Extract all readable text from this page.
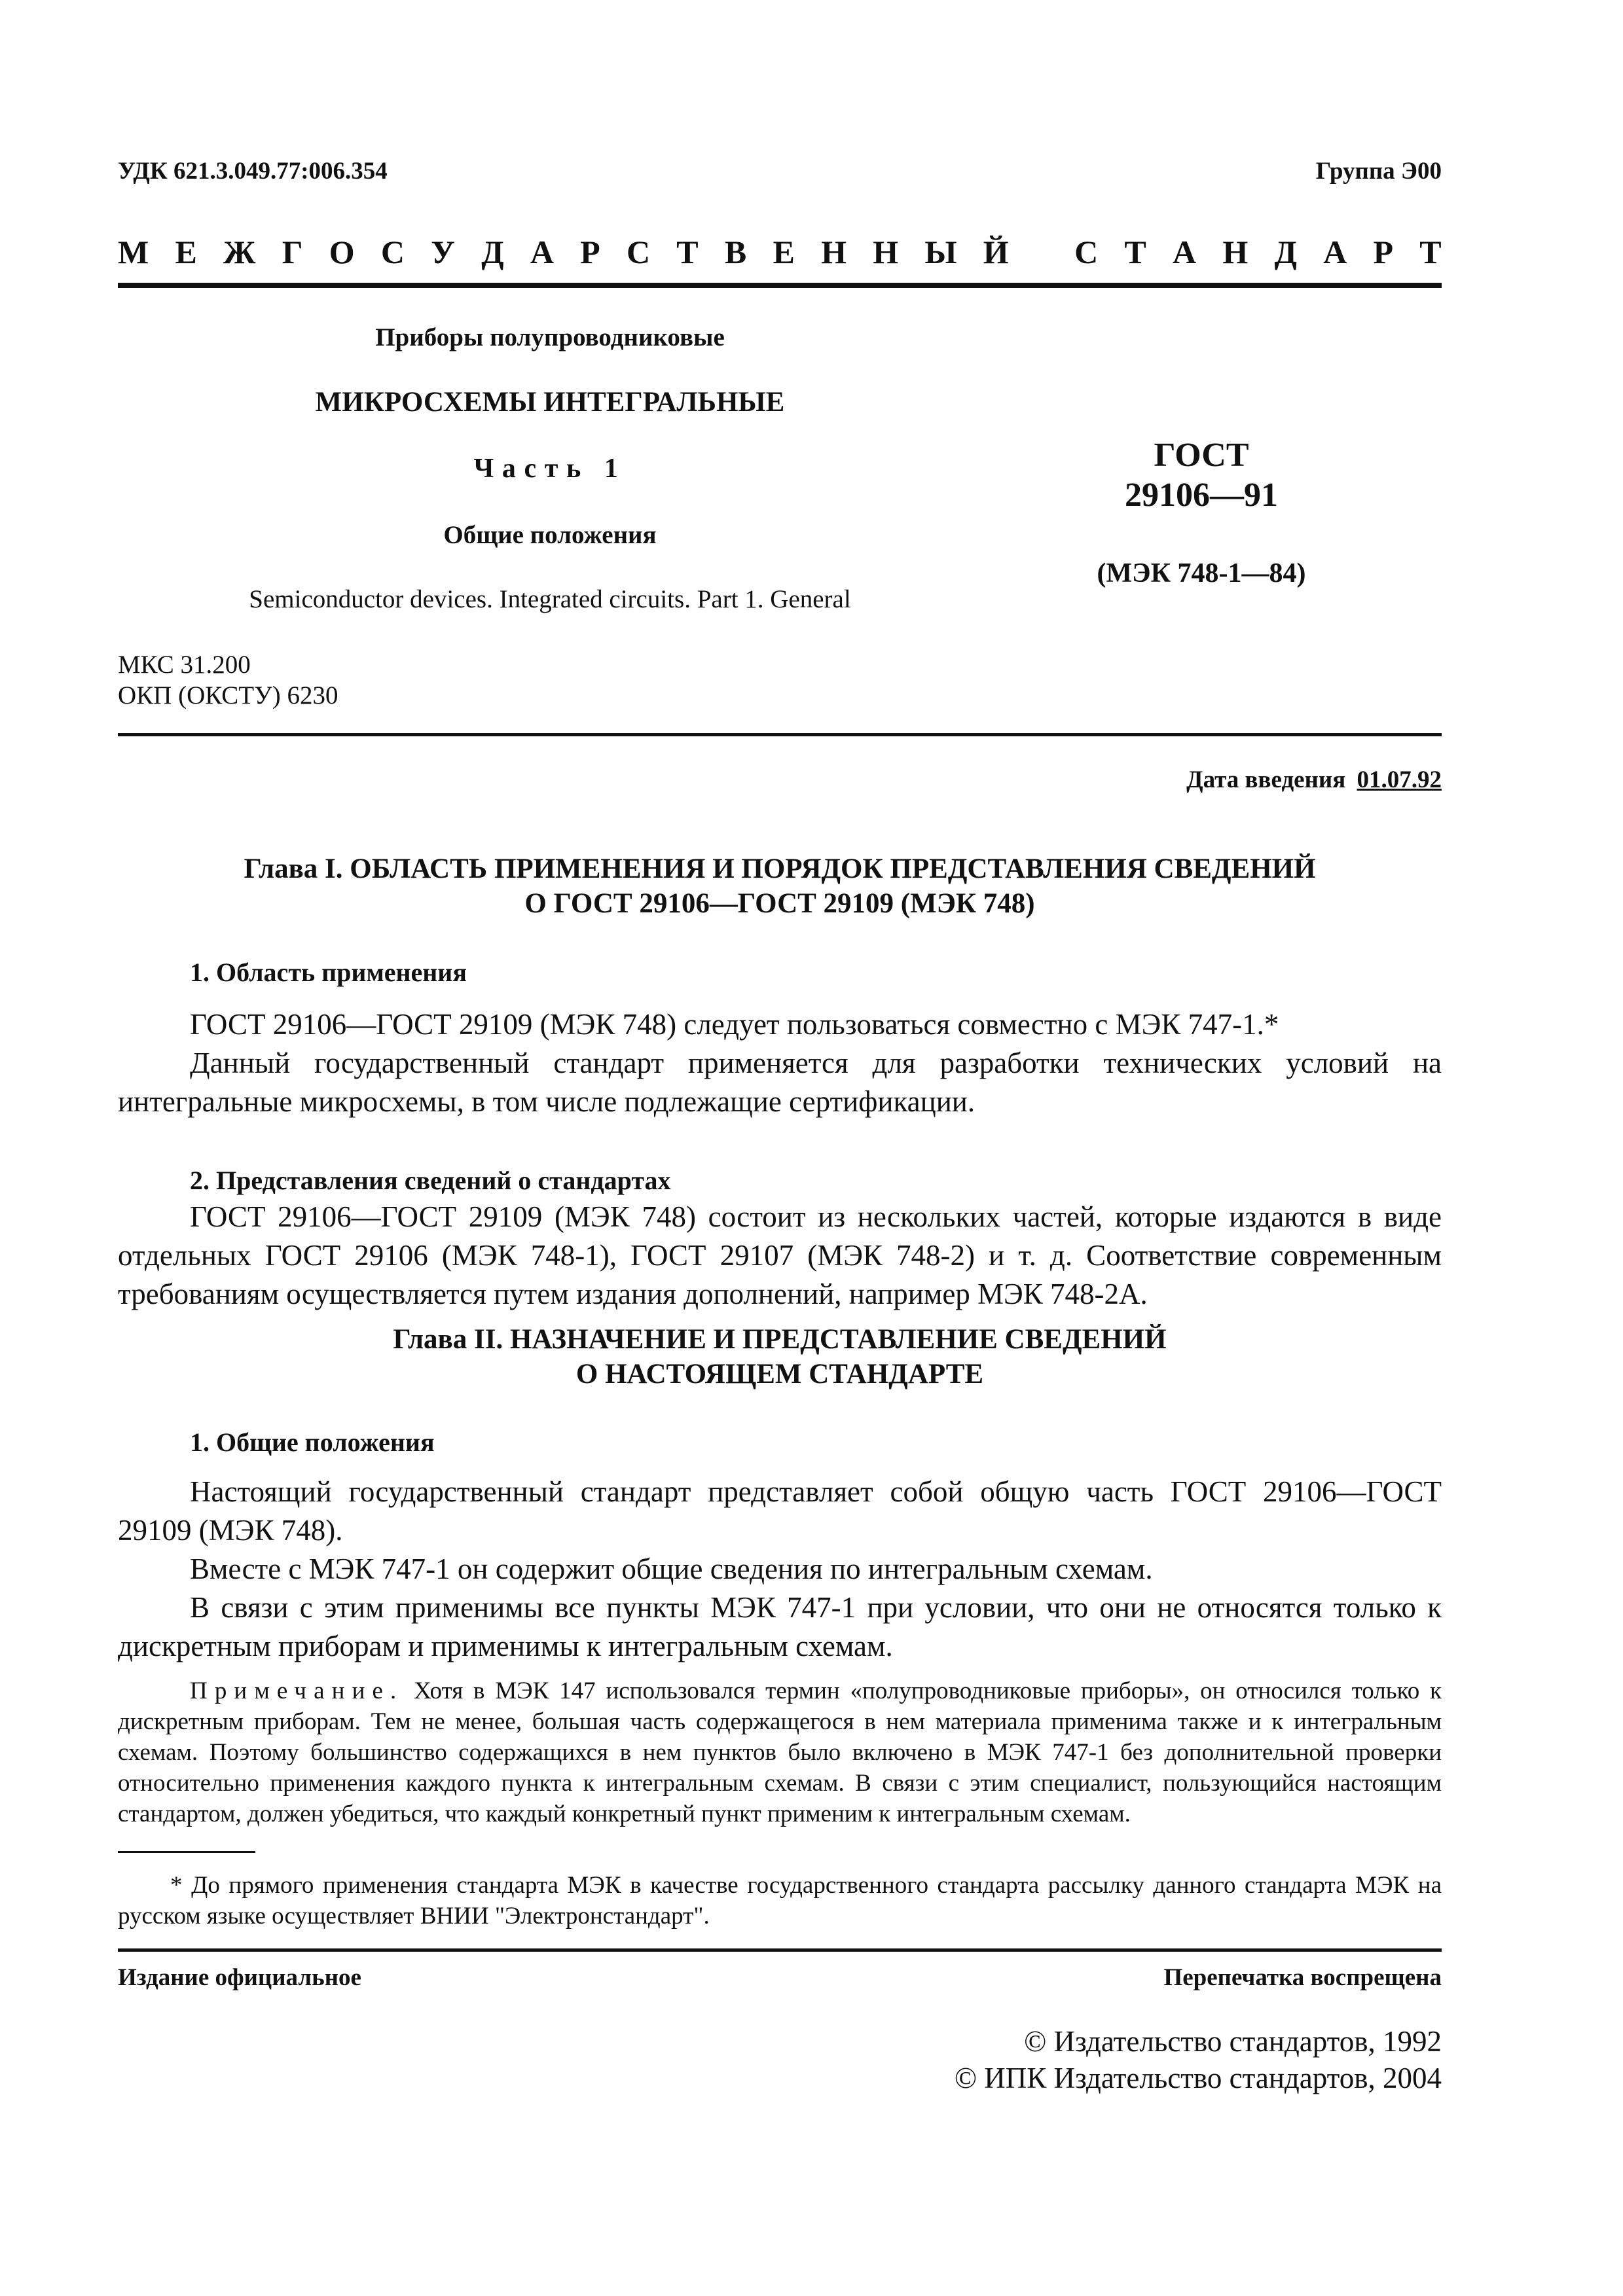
УДК 621.3.049.77:006.354	Группа Э00
М Е Ж Г О С У Д А Р С Т В Е Н Н Ы Й С Т А Н Д А Р Т
Приборы полупроводниковые
МИКРОСХЕМЫ ИНТЕГРАЛЬНЫЕ
Часть 1
Общие положения
Semiconductor devices. Integrated circuits. Part 1. General
ГОСТ
29106—91
(МЭК 748-1—84)
МКС 31.200
ОКП (ОКСТУ) 6230
Дата введения 01.07.92
Глава I. ОБЛАСТЬ ПРИМЕНЕНИЯ И ПОРЯДОК ПРЕДСТАВЛЕНИЯ СВЕДЕНИЙ
О ГОСТ 29106—ГОСТ 29109 (МЭК 748)
1. Область применения
ГОСТ 29106—ГОСТ 29109 (МЭК 748) следует пользоваться совместно с МЭК 747-1.*
Данный государственный стандарт применяется для разработки технических условий на интегральные микросхемы, в том числе подлежащие сертификации.
2. Представления сведений о стандартах
ГОСТ 29106—ГОСТ 29109 (МЭК 748) состоит из нескольких частей, которые издаются в виде отдельных ГОСТ 29106 (МЭК 748-1), ГОСТ 29107 (МЭК 748-2) и т. д. Соответствие современным требованиям осуществляется путем издания дополнений, например МЭК 748-2А.
Глава II. НАЗНАЧЕНИЕ И ПРЕДСТАВЛЕНИЕ СВЕДЕНИЙ
О НАСТОЯЩЕМ СТАНДАРТЕ
1. Общие положения
Настоящий государственный стандарт представляет собой общую часть ГОСТ 29106—ГОСТ 29109 (МЭК 748).
Вместе с МЭК 747-1 он содержит общие сведения по интегральным схемам.
В связи с этим применимы все пункты МЭК 747-1 при условии, что они не относятся только к дискретным приборам и применимы к интегральным схемам.
Примечание. Хотя в МЭК 147 использовался термин «полупроводниковые приборы», он относился только к дискретным приборам. Тем не менее, большая часть содержащегося в нем материала применима также и к интегральным схемам. Поэтому большинство содержащихся в нем пунктов было включено в МЭК 747-1 без дополнительной проверки относительно применения каждого пункта к интегральным схемам. В связи с этим специалист, пользующийся настоящим стандартом, должен убедиться, что каждый конкретный пункт применим к интегральным схемам.
* До прямого применения стандарта МЭК в качестве государственного стандарта рассылку данного стандарта МЭК на русском языке осуществляет ВНИИ "Электронстандарт".
Издание официальное	Перепечатка воспрещена
© Издательство стандартов, 1992
© ИПК Издательство стандартов, 2004
